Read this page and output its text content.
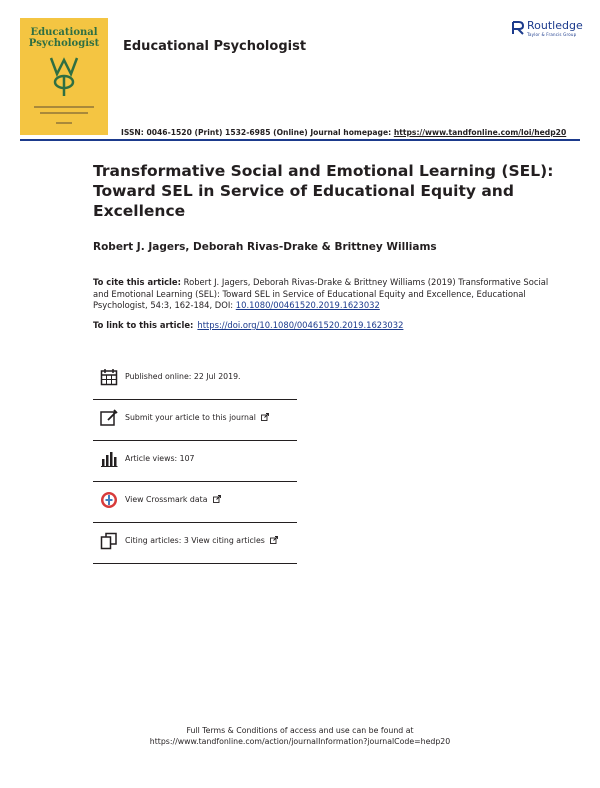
Educational
Psychologist	Educational Psychologist
Routledge
Taylor & Francis Group
ISSN: 0046-1520 (Print) 1532-6985 (Online) Journal homepage: https://www.tandfonline.com/loi/hedp20
Transformative Social and Emotional Learning (SEL): Toward SEL in Service of Educational Equity and Excellence
Robert J. Jagers, Deborah Rivas-Drake & Brittney Williams
To cite this article: Robert J. Jagers, Deborah Rivas-Drake & Brittney Williams (2019) Transformative Social and Emotional Learning (SEL): Toward SEL in Service of Educational Equity and Excellence, Educational Psychologist, 54:3, 162-184, DOI: 10.1080/00461520.2019.1623032
To link to this article: https://doi.org/10.1080/00461520.2019.1623032
Published online: 22 Jul 2019.
Submit your article to this journal
Article views: 107
View Crossmark data
Citing articles: 3 View citing articles
Full Terms & Conditions of access and use can be found at
https://www.tandfonline.com/action/journalInformation?journalCode=hedp20
